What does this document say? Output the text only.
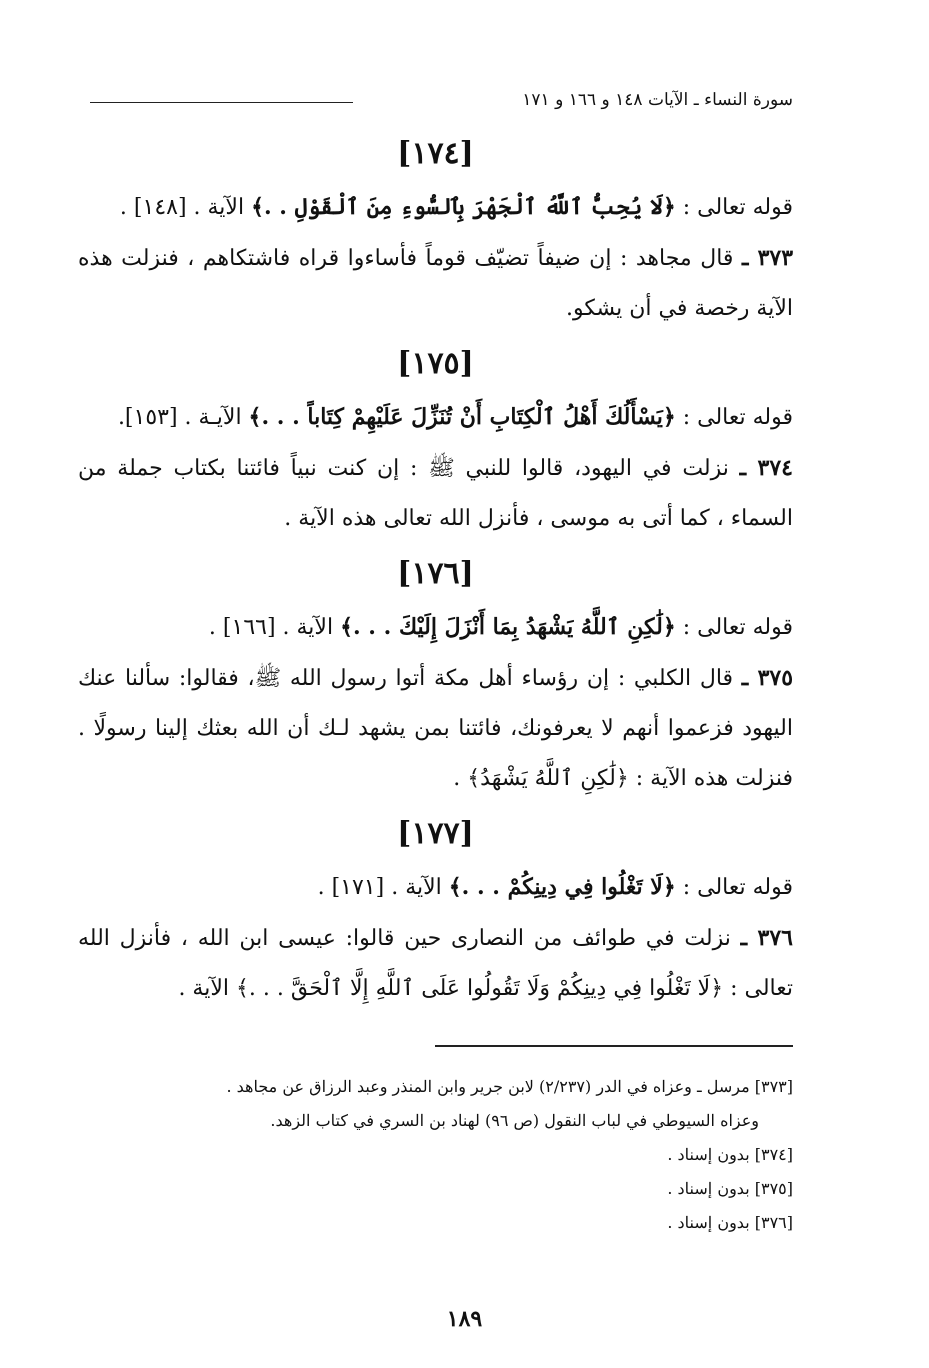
سورة النساء ـ الآيات ١٤٨ و ١٦٦ و ١٧١
[١٧٤]

قوله تعالى : ﴿لَا يُحِبُّ ٱللَّهُ ٱلْجَهْرَ بِٱلسُّوءِ مِنَ ٱلْقَوْلِ . .﴾ الآية . [١٤٨] .

٣٧٣ ـ قال مجاهد : إن ضيفاً تضيّف قوماً فأساءوا قراه فاشتكاهم ، فنزلت هذه الآية رخصة في أن يشكو.

[١٧٥]

قوله تعالى : ﴿يَسْأَلُكَ أَهْلُ ٱلْكِتَابِ أَنْ تُنَزِّلَ عَلَيْهِمْ كِتَاباً . . .﴾ الآيـة . [١٥٣].

٣٧٤ ـ نزلت في اليهود، قالوا للنبي ﷺ : إن كنت نبياً فائتنا بكتاب جملة من السماء ، كما أتى به موسى ، فأنزل الله تعالى هذه الآية .

[١٧٦]

قوله تعالى : ﴿لَٰكِنِ ٱللَّهُ يَشْهَدُ بِمَا أَنْزَلَ إِلَيْكَ . . .﴾ الآية . [١٦٦] .

٣٧٥ ـ قال الكلبي : إن رؤساء أهل مكة أتوا رسول الله ﷺ، فقالوا: سألنا عنك اليهود فزعموا أنهم لا يعرفونك، فائتنا بمن يشهد لـك أن الله بعثك إلينا رسولًا . فنزلت هذه الآية : ﴿لَٰكِنِ ٱللَّهُ يَشْهَدُ﴾ .

[١٧٧]

قوله تعالى : ﴿لَا تَغْلُوا فِي دِينِكُمْ . . .﴾ الآية . [١٧١] .

٣٧٦ ـ نزلت في طوائف من النصارى حين قالوا: عيسى ابن الله ، فأنزل الله تعالى : ﴿لَا تَغْلُوا فِي دِينِكُمْ وَلَا تَقُولُوا عَلَى ٱللَّهِ إِلَّا ٱلْحَقَّ . . .﴾ الآية .

[٣٧٣] مرسل ـ وعزاه في الدر (٢/٢٣٧) لابن جرير وابن المنذر وعبد الرزاق عن مجاهد .

وعزاه السيوطي في لباب النقول (ص ٩٦) لهناد بن السري في كتاب الزهد.

[٣٧٤] بدون إسناد .

[٣٧٥] بدون إسناد .

[٣٧٦] بدون إسناد .

١٨٩
